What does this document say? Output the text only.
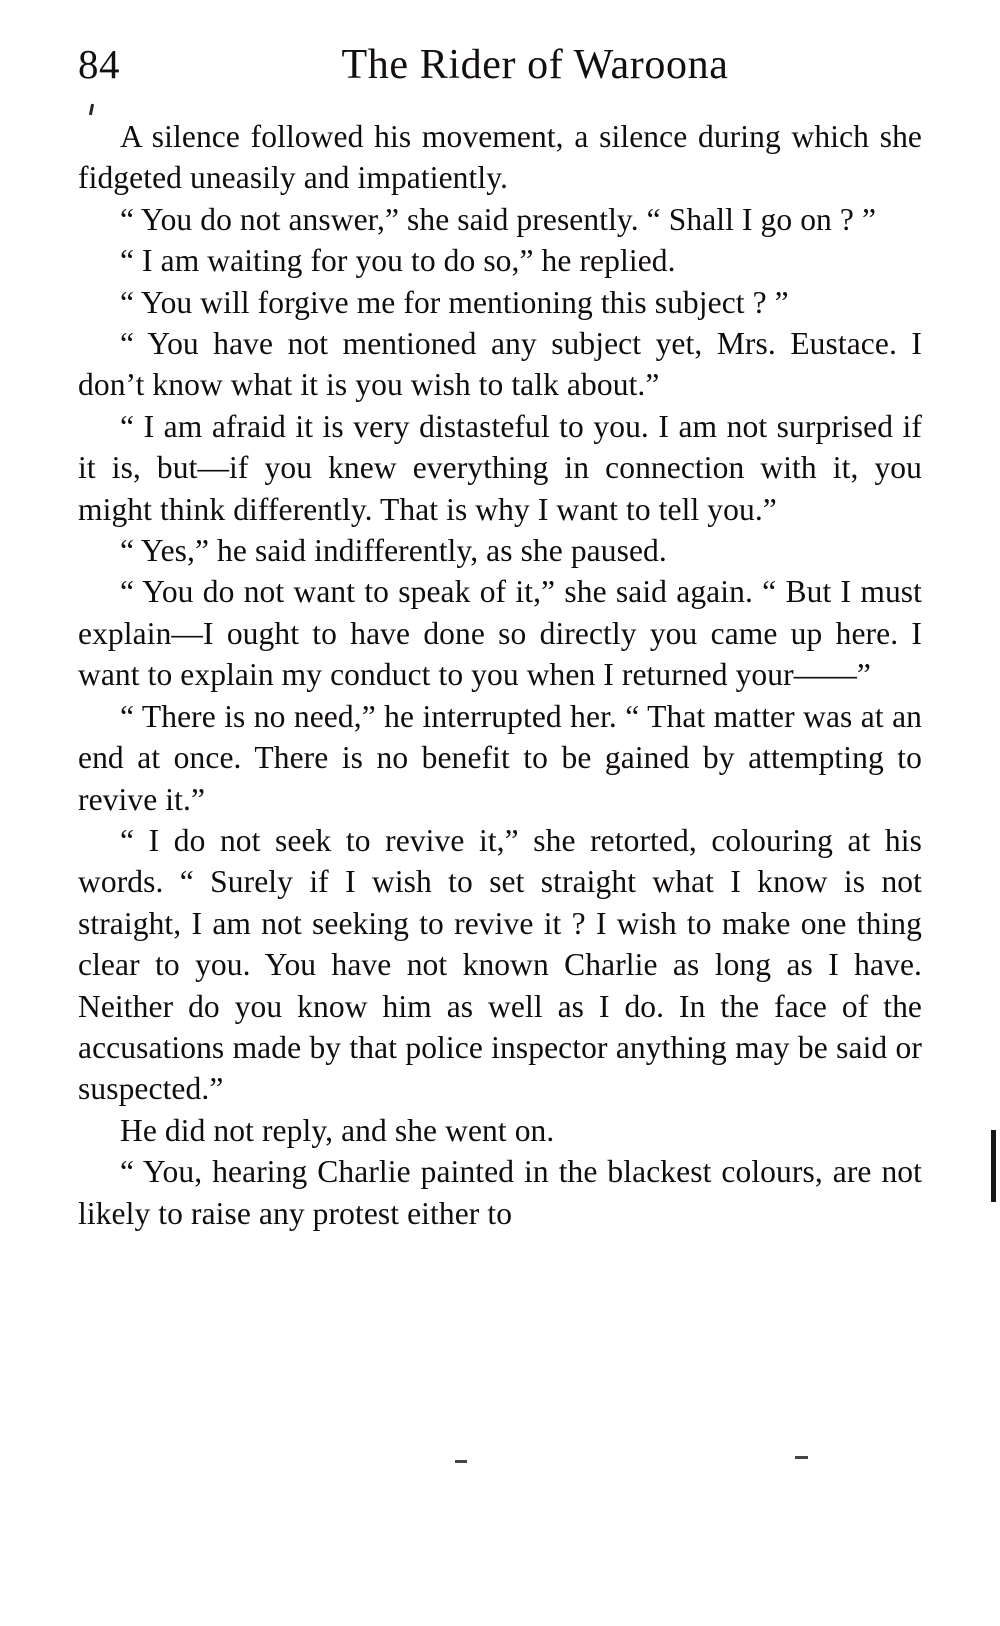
84	The Rider of Waroona

A silence followed his movement, a silence during which she fidgeted uneasily and impatiently.

“ You do not answer,” she said presently. “ Shall I go on ? ”

“ I am waiting for you to do so,” he replied.

“ You will forgive me for mentioning this subject ? ”

“ You have not mentioned any subject yet, Mrs. Eustace. I don’t know what it is you wish to talk about.”

“ I am afraid it is very distasteful to you. I am not surprised if it is, but—if you knew everything in connection with it, you might think differently. That is why I want to tell you.”

“ Yes,” he said indifferently, as she paused.

“ You do not want to speak of it,” she said again. “ But I must explain—I ought to have done so directly you came up here. I want to explain my conduct to you when I returned your——”

“ There is no need,” he interrupted her. “ That matter was at an end at once. There is no benefit to be gained by attempting to revive it.”

“ I do not seek to revive it,” she retorted, colouring at his words. “ Surely if I wish to set straight what I know is not straight, I am not seeking to revive it ? I wish to make one thing clear to you. You have not known Charlie as long as I have. Neither do you know him as well as I do. In the face of the accusations made by that police inspector anything may be said or suspected.”

He did not reply, and she went on.

“ You, hearing Charlie painted in the blackest colours, are not likely to raise any protest either to
